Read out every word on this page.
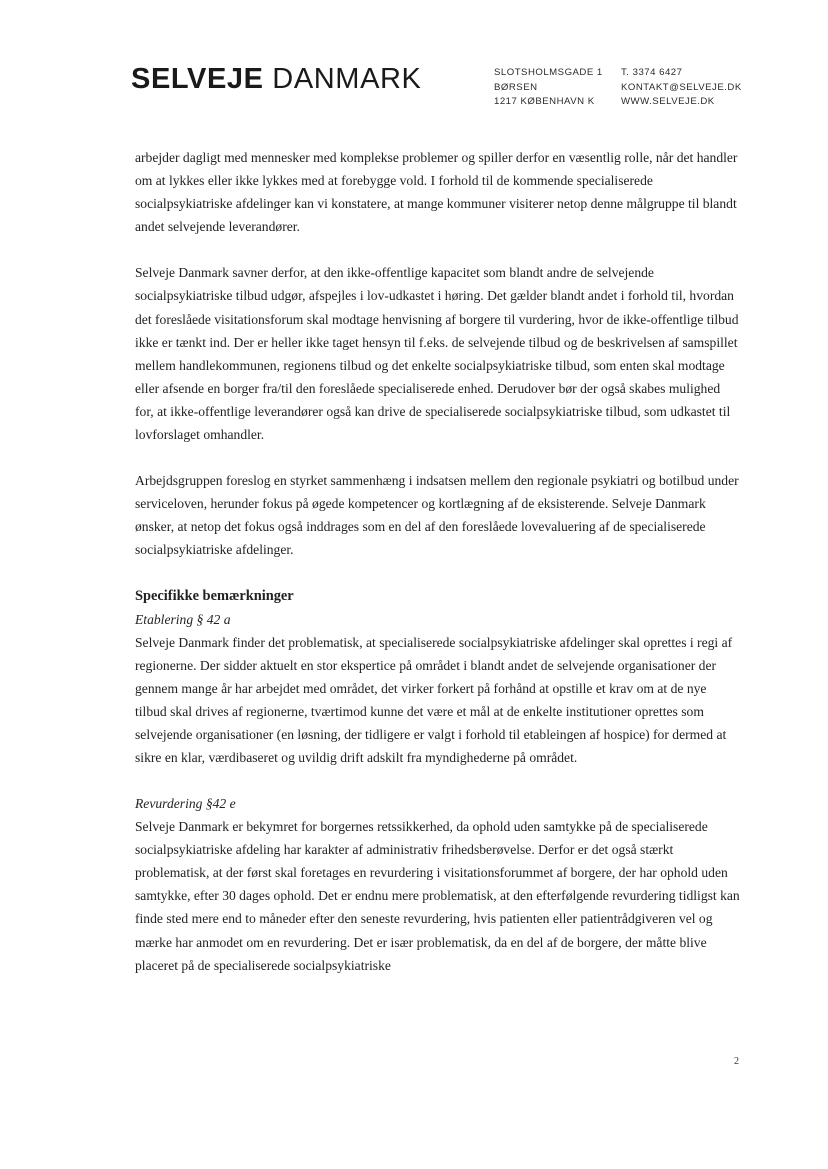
SELVEJE DANMARK	SLOTSHOLMSGADE 1
BØRSEN
1217 KØBENHAVN K
T. 3374 6427
KONTAKT@SELVEJE.DK
WWW.SELVEJE.DK

arbejder dagligt med mennesker med komplekse problemer og spiller derfor en væsentlig rolle, når det handler om at lykkes eller ikke lykkes med at forebygge vold. I forhold til de kommende specialiserede socialpsykiatriske afdelinger kan vi konstatere, at mange kommuner visiterer netop denne målgruppe til blandt andet selvejende leverandører.

Selveje Danmark savner derfor, at den ikke-offentlige kapacitet som blandt andre de selvejende socialpsykiatriske tilbud udgør, afspejles i lov-udkastet i høring. Det gælder blandt andet i forhold til, hvordan det foreslåede visitationsforum skal modtage henvisning af borgere til vurdering, hvor de ikke-offentlige tilbud ikke er tænkt ind. Der er heller ikke taget hensyn til f.eks. de selvejende tilbud og de beskrivelsen af samspillet mellem handlekommunen, regionens tilbud og det enkelte socialpsykiatriske tilbud, som enten skal modtage eller afsende en borger fra/til den foreslåede specialiserede enhed. Derudover bør der også skabes mulighed for, at ikke-offentlige leverandører også kan drive de specialiserede socialpsykiatriske tilbud, som udkastet til lovforslaget omhandler.

Arbejdsgruppen foreslog en styrket sammenhæng i indsatsen mellem den regionale psykiatri og botilbud under serviceloven, herunder fokus på øgede kompetencer og kortlægning af de eksisterende. Selveje Danmark ønsker, at netop det fokus også inddrages som en del af den foreslåede lovevaluering af de specialiserede socialpsykiatriske afdelinger.

Specifikke bemærkninger
Etablering § 42 a

Selveje Danmark finder det problematisk, at specialiserede socialpsykiatriske afdelinger skal oprettes i regi af regionerne. Der sidder aktuelt en stor ekspertice på området i blandt andet de selvejende organisationer der gennem mange år har arbejdet med området, det virker forkert på forhånd at opstille et krav om at de nye tilbud skal drives af regionerne, tværtimod kunne det være et mål at de enkelte institutioner oprettes som selvejende organisationer (en løsning, der tidligere er valgt i forhold til etableingen af hospice) for dermed at sikre en klar, værdibaseret og uvildig drift adskilt fra myndighederne på området.

Revurdering §42 e

Selveje Danmark er bekymret for borgernes retssikkerhed, da ophold uden samtykke på de specialiserede socialpsykiatriske afdeling har karakter af administrativ frihedsberøvelse. Derfor er det også stærkt problematisk, at der først skal foretages en revurdering i visitationsforummet af borgere, der har ophold uden samtykke, efter 30 dages ophold. Det er endnu mere problematisk, at den efterfølgende revurdering tidligst kan finde sted mere end to måneder efter den seneste revurdering, hvis patienten eller patientrådgiveren vel og mærke har anmodet om en revurdering. Det er især problematisk, da en del af de borgere, der måtte blive placeret på de specialiserede socialpsykiatriske

2
